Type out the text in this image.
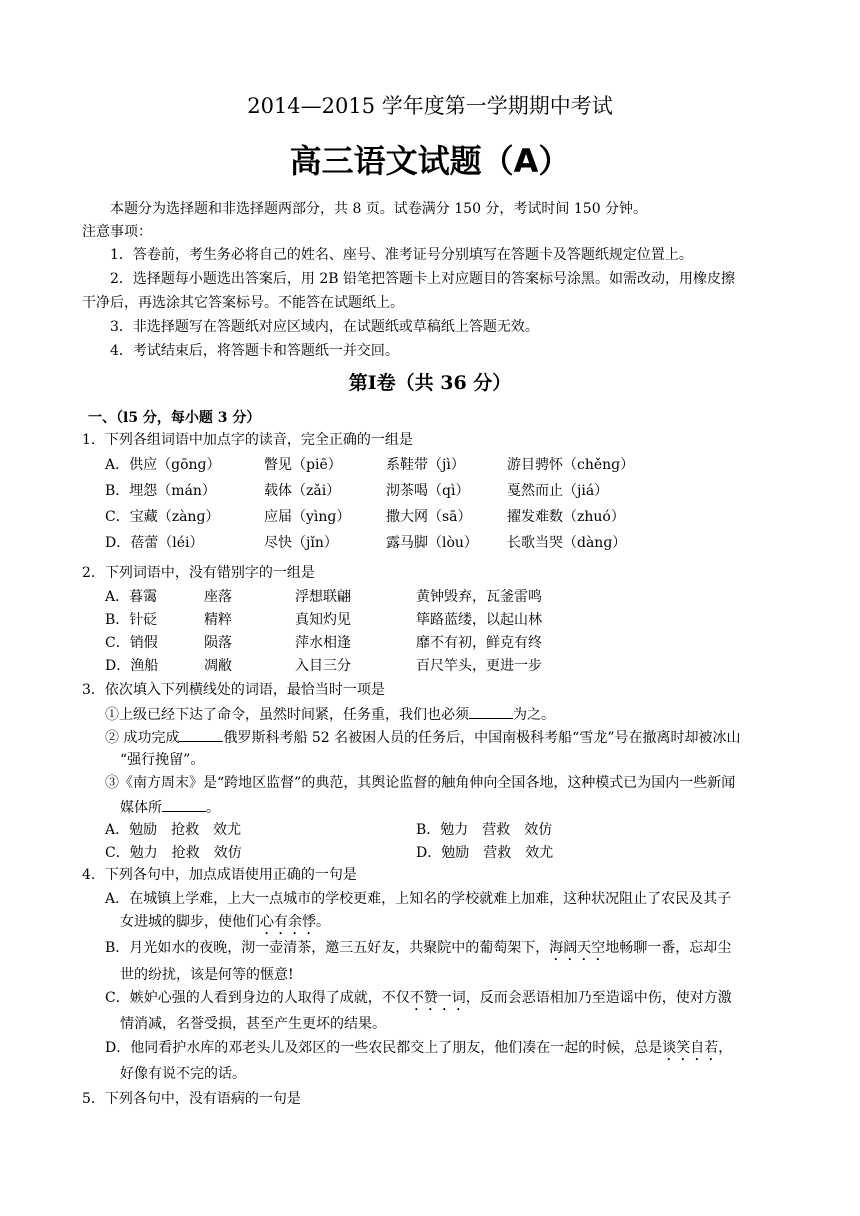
2014—2015 学年度第一学期期中考试
高三语文试题（A）
本题分为选择题和非选择题两部分，共 8 页。试卷满分 150 分，考试时间 150 分钟。
注意事项：
1．答卷前，考生务必将自己的姓名、座号、准考证号分别填写在答题卡及答题纸规定位置上。
2．选择题每小题选出答案后，用 2B 铅笔把答题卡上对应题目的答案标号涂黑。如需改动，用橡皮擦
干净后，再选涂其它答案标号。不能答在试题纸上。
3．非选择题写在答题纸对应区域内，在试题纸或草稿纸上答题无效。
4．考试结束后，将答题卡和答题纸一并交回。
第Ⅰ卷（共 36 分）
一、（l5 分，每小题 3 分）
1．下列各组词语中加点字的读音，完全正确的一组是
A．供应（gōnɡ）	瞥见（piē）	系鞋带（jì）	游目骋怀（chěnɡ）
B．埋怨（mán）	载体（zǎi）	沏茶喝（qì）	戛然而止（jiá）
C．宝藏（zànɡ）	应届（yìnɡ）	撒大网（sā）	擢发难数（zhuó）
D．蓓蕾（léi）	尽快（jǐn）	露马脚（lòu） 长歌当哭（dànɡ）
2．下列词语中，没有错别字的一组是
A．暮霭	座落	浮想联翩	黄钟毁弃，瓦釜雷鸣
B．针砭	精粹	真知灼见	筚路蓝缕，以起山林
C．销假	陨落	萍水相逢	靡不有初，鲜克有终
D．渔船	凋敝	入目三分	百尺竿头，更进一步
3．依次填入下列横线处的词语，最恰当时一项是
①上级已经下达了命令，虽然时间紧，任务重，我们也必须	为之。
② 成功完成	俄罗斯科考船 52 名被困人员的任务后，中国南极科考船“雪龙”号在撤离时却被冰山
“强行挽留”。
③《南方周末》是“跨地区监督”的典范，其舆论监督的触角伸向全国各地，这种模式已为国内一些新闻
媒体所	。
A．勉励　抢救　效尤	B．勉力　营救　效仿
C．勉力　抢救　效仿	D．勉励　营救　效尤
4．下列各句中，加点成语使用正确的一句是
A．在城镇上学难，上大一点城市的学校更难，上知名的学校就难上加难，这种状况阻止了农民及其子
女进城的脚步，使他们心有余悸。
B．月光如水的夜晚，沏一壶清茶，邀三五好友，共聚院中的葡萄架下，海阔天空地畅聊一番，忘却尘
世的纷扰，该是何等的惬意!
C．嫉妒心强的人看到身边的人取得了成就，不仅不赞一词，反而会恶语相加乃至造谣中伤，使对方激
情消减，名誉受损，甚至产生更坏的结果。
D．他同看护水库的邓老头儿及郊区的一些农民都交上了朋友，他们凑在一起的时候，总是谈笑自若，
好像有说不完的话。
5．下列各句中，没有语病的一句是
